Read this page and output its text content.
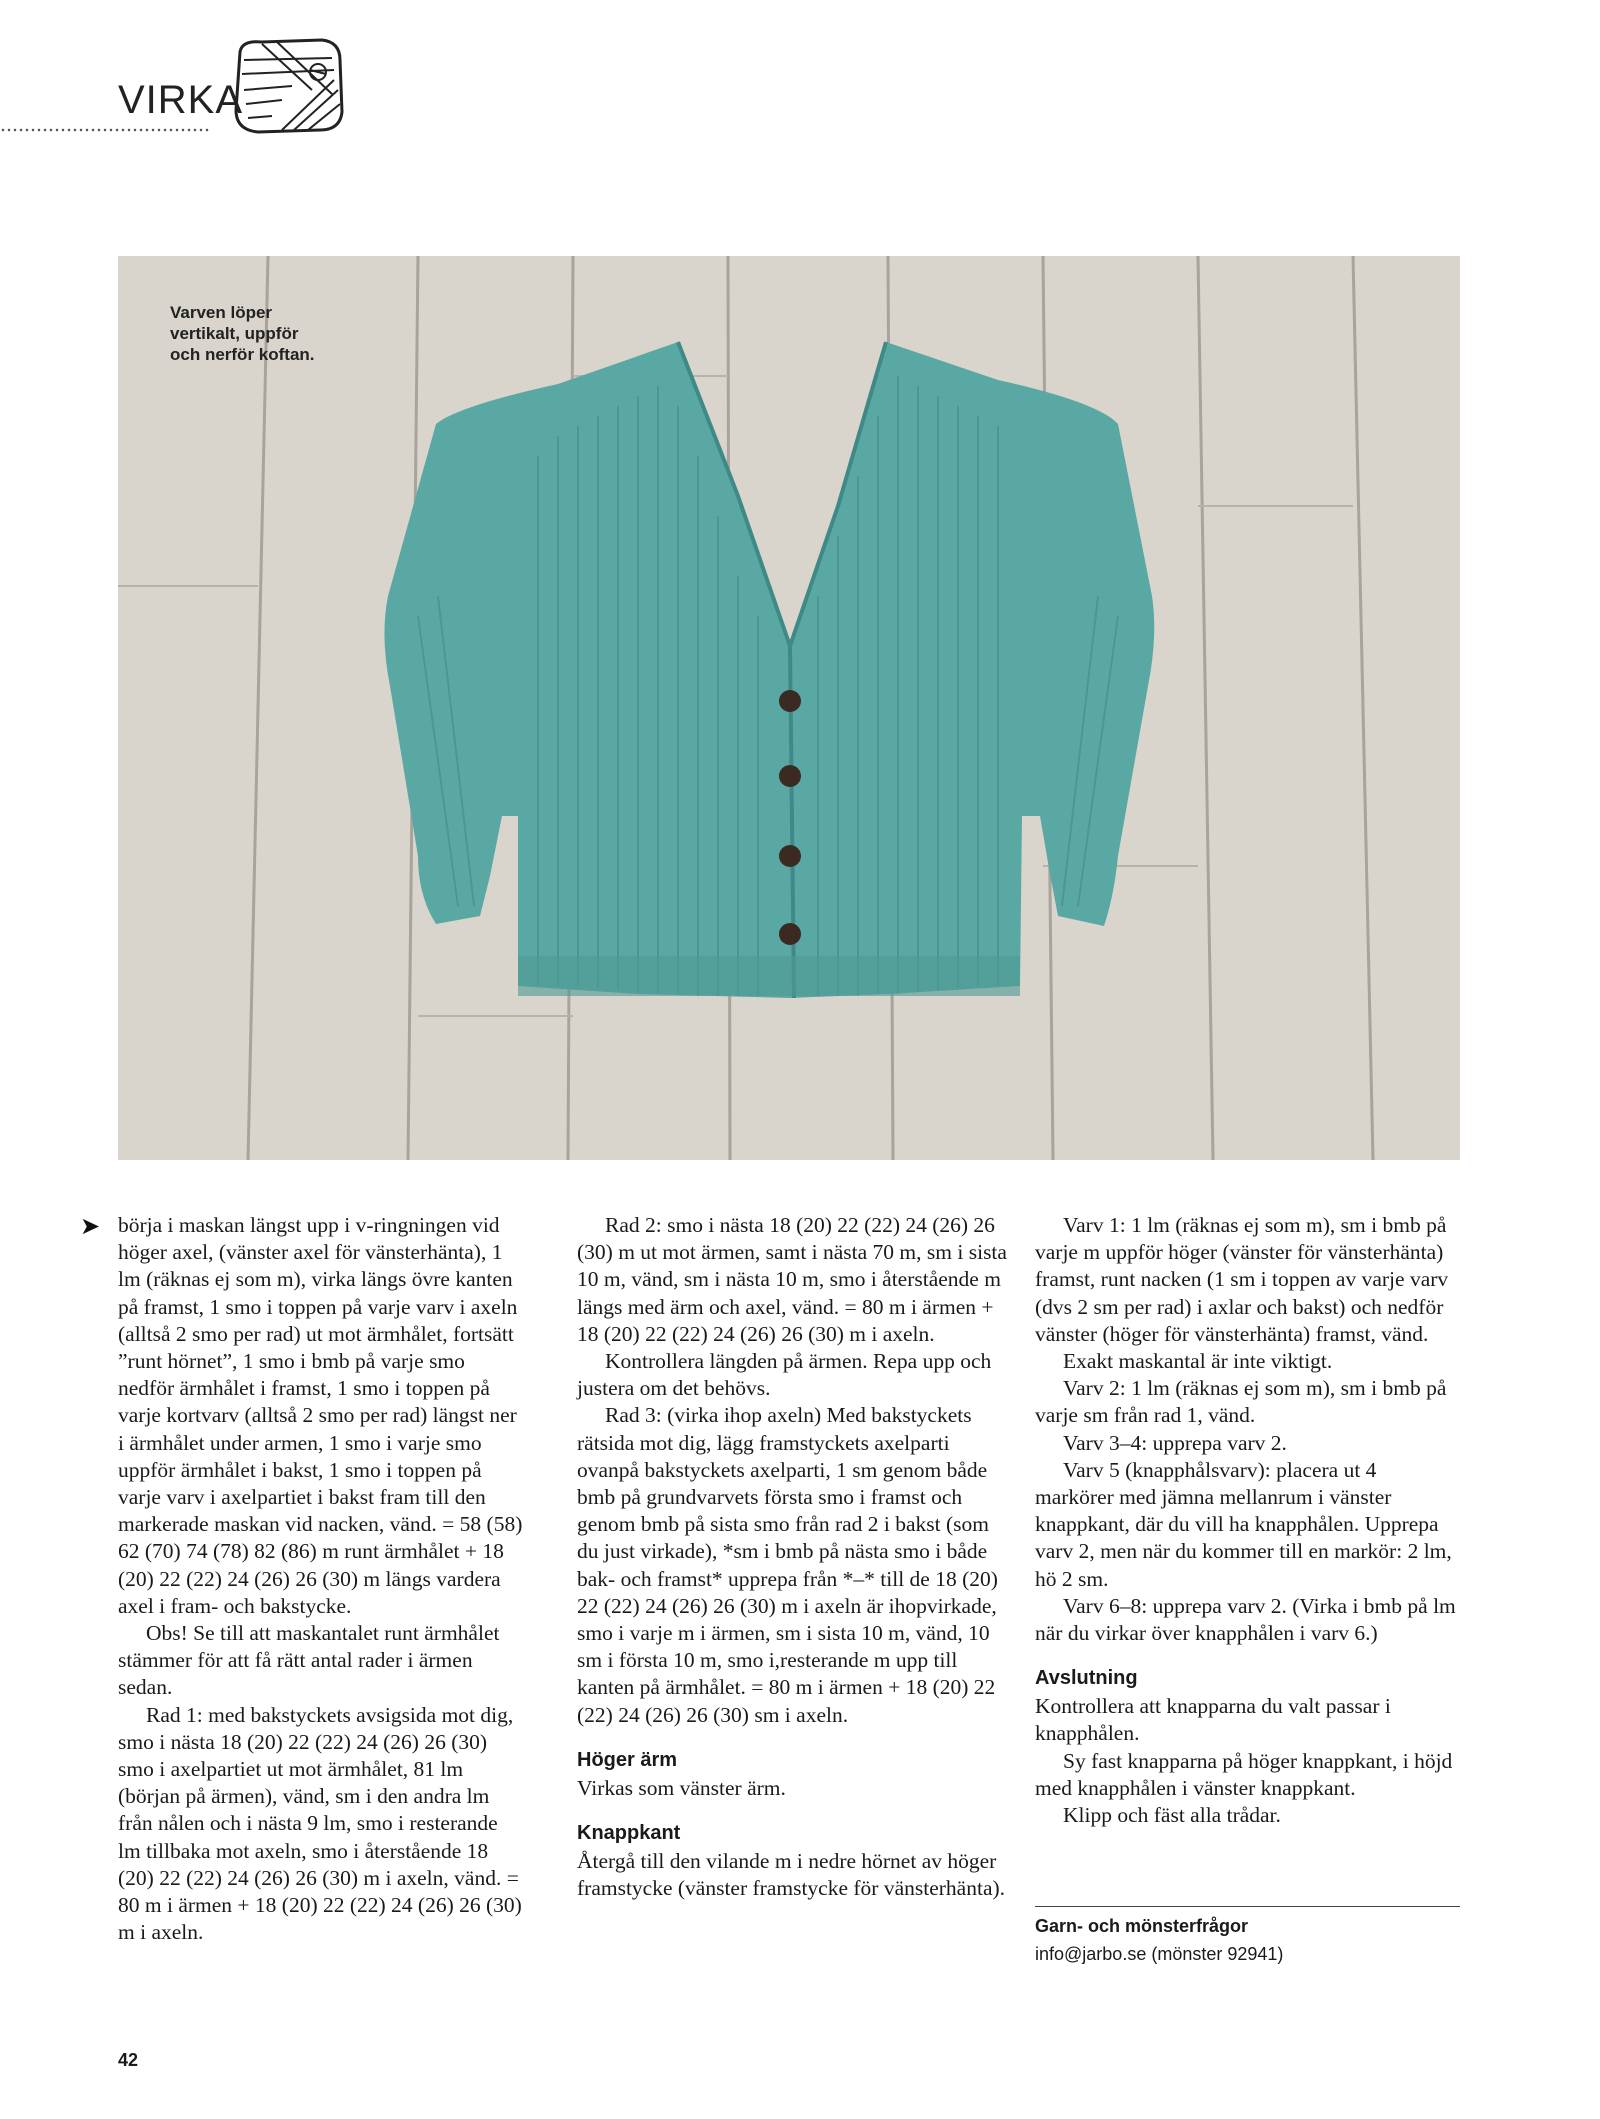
VIRKA
Varven löper vertikalt, uppför och nerför koftan.
➤ börja i maskan längst upp i v-ringningen vid höger axel, (vänster axel för vänsterhänta), 1 lm (räknas ej som m), virka längs övre kanten på framst, 1 smo i toppen på varje varv i axeln (alltså 2 smo per rad) ut mot ärmhålet, fortsätt ”runt hörnet”, 1 smo i bmb på varje smo nedför ärmhålet i framst, 1 smo i toppen på varje kortvarv (alltså 2 smo per rad) längst ner i ärmhålet under armen, 1 smo i varje smo uppför ärmhålet i bakst, 1 smo i toppen på varje varv i axelpartiet i bakst fram till den markerade maskan vid nacken, vänd. = 58 (58) 62 (70) 74 (78) 82 (86) m runt ärmhålet + 18 (20) 22 (22) 24 (26) 26 (30) m längs vardera axel i fram- och bakstycke.

Obs! Se till att maskantalet runt ärmhålet stämmer för att få rätt antal rader i ärmen sedan.

Rad 1: med bakstyckets avsigsida mot dig, smo i nästa 18 (20) 22 (22) 24 (26) 26 (30) smo i axelpartiet ut mot ärmhålet, 81 lm (början på ärmen), vänd, sm i den andra lm från nålen och i nästa 9 lm, smo i resterande lm tillbaka mot axeln, smo i återstående 18 (20) 22 (22) 24 (26) 26 (30) m i axeln, vänd. = 80 m i ärmen + 18 (20) 22 (22) 24 (26) 26 (30) m i axeln.

Rad 2: smo i nästa 18 (20) 22 (22) 24 (26) 26 (30) m ut mot ärmen, samt i nästa 70 m, sm i sista 10 m, vänd, sm i nästa 10 m, smo i återstående m längs med ärm och axel, vänd. = 80 m i ärmen + 18 (20) 22 (22) 24 (26) 26 (30) m i axeln.

Kontrollera längden på ärmen. Repa upp och justera om det behövs.

Rad 3: (virka ihop axeln) Med bakstyckets rätsida mot dig, lägg framstyckets axelparti ovanpå bakstyckets axelparti, 1 sm genom både bmb på grundvarvets första smo i framst och genom bmb på sista smo från rad 2 i bakst (som du just virkade), *sm i bmb på nästa smo i både bak- och framst* upprepa från *–* till de 18 (20) 22 (22) 24 (26) 26 (30) m i axeln är ihopvirkade, smo i varje m i ärmen, sm i sista 10 m, vänd, 10 sm i första 10 m, smo i,resterande m upp till kanten på ärmhålet. = 80 m i ärmen + 18 (20) 22 (22) 24 (26) 26 (30) sm i axeln.

Höger ärm

Virkas som vänster ärm.

Knappkant

Återgå till den vilande m i nedre hörnet av höger framstycke (vänster framstycke för vänsterhänta).

Varv 1: 1 lm (räknas ej som m), sm i bmb på varje m uppför höger (vänster för vänsterhänta) framst, runt nacken (1 sm i toppen av varje varv (dvs 2 sm per rad) i axlar och bakst) och nedför vänster (höger för vänsterhänta) framst, vänd.

Exakt maskantal är inte viktigt.

Varv 2: 1 lm (räknas ej som m), sm i bmb på varje sm från rad 1, vänd.

Varv 3–4: upprepa varv 2.

Varv 5 (knapphålsvarv): placera ut 4 markörer med jämna mellanrum i vänster knappkant, där du vill ha knapphålen. Upprepa varv 2, men när du kommer till en markör: 2 lm, hö 2 sm.

Varv 6–8: upprepa varv 2. (Virka i bmb på lm när du virkar över knapphålen i varv 6.)

Avslutning

Kontrollera att knapparna du valt passar i knapphålen.

Sy fast knapparna på höger knappkant, i höjd med knapphålen i vänster knappkant.

Klipp och fäst alla trådar.

Garn- och mönsterfrågor
info@jarbo.se (mönster 92941)
42
